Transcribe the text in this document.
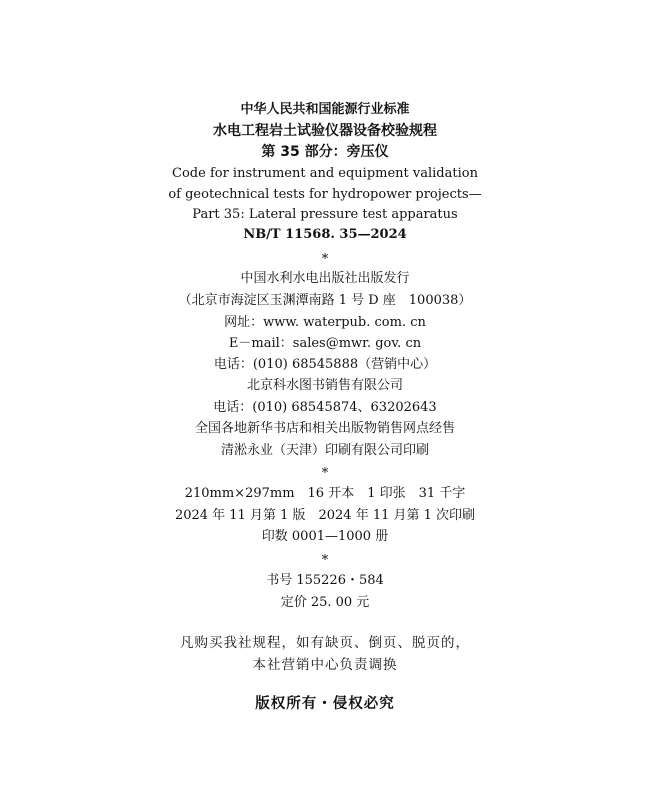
中华人民共和国能源行业标准
水电工程岩土试验仪器设备校验规程
第 35 部分：旁压仪
Code for instrument and equipment validation
of geotechnical tests for hydropower projects—
Part 35: Lateral pressure test apparatus
NB/T 11568. 35—2024
*
中国水利水电出版社出版发行
（北京市海淀区玉渊潭南路 1 号 D 座　100038）
网址：www. waterpub. com. cn
E－mail：sales@mwr. gov. cn
电话：(010) 68545888（营销中心）
北京科水图书销售有限公司
电话：(010) 68545874、63202643
全国各地新华书店和相关出版物销售网点经售
清淞永业（天津）印刷有限公司印刷
*
210mm×297mm　16 开本　1 印张　31 千字
2024 年 11 月第 1 版　2024 年 11 月第 1 次印刷
印数 0001—1000 册
*
书号 155226・584
定价 25. 00 元
凡购买我社规程，如有缺页、倒页、脱页的，
本社营销中心负责调换
版权所有・侵权必究
